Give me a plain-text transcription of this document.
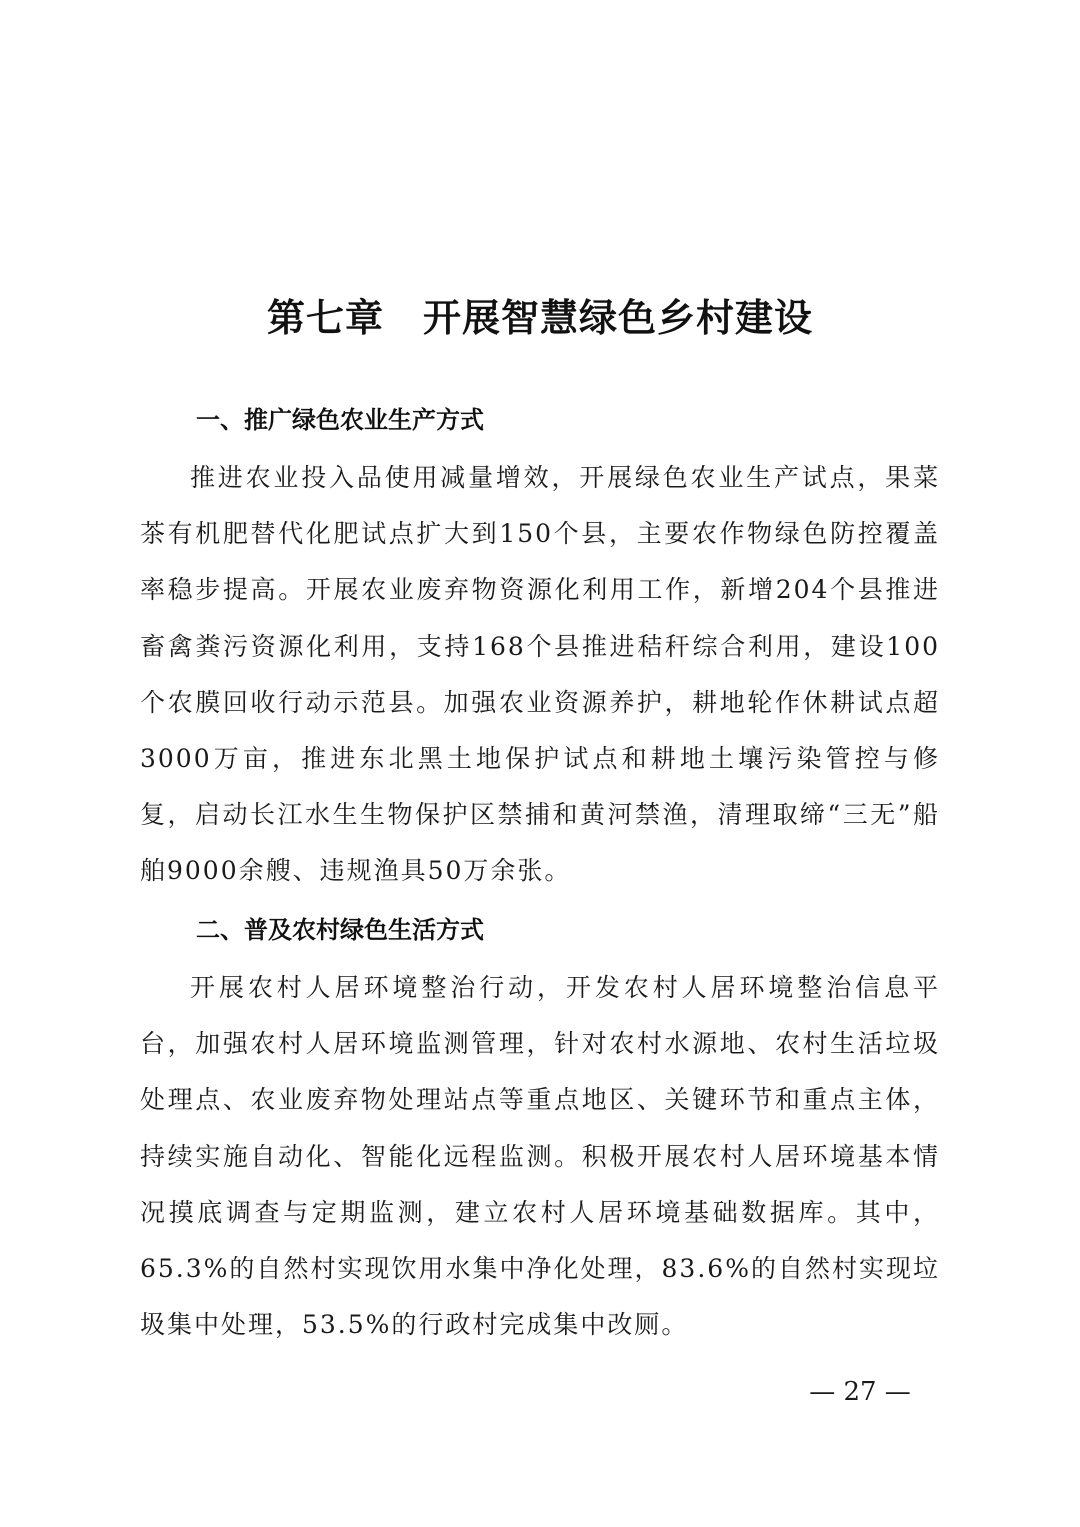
第七章　开展智慧绿色乡村建设
一、推广绿色农业生产方式
推进农业投入品使用减量增效，开展绿色农业生产试点，果菜茶有机肥替代化肥试点扩大到150个县，主要农作物绿色防控覆盖率稳步提高。开展农业废弃物资源化利用工作，新增204个县推进畜禽粪污资源化利用，支持168个县推进秸秆综合利用，建设100个农膜回收行动示范县。加强农业资源养护，耕地轮作休耕试点超3000万亩，推进东北黑土地保护试点和耕地土壤污染管控与修复，启动长江水生生物保护区禁捕和黄河禁渔，清理取缔“三无”船舶9000余艘、违规渔具50万余张。
二、普及农村绿色生活方式
开展农村人居环境整治行动，开发农村人居环境整治信息平台，加强农村人居环境监测管理，针对农村水源地、农村生活垃圾处理点、农业废弃物处理站点等重点地区、关键环节和重点主体，持续实施自动化、智能化远程监测。积极开展农村人居环境基本情况摸底调查与定期监测，建立农村人居环境基础数据库。其中，65.3%的自然村实现饮用水集中净化处理，83.6%的自然村实现垃圾集中处理，53.5%的行政村完成集中改厕。
— 27 —
